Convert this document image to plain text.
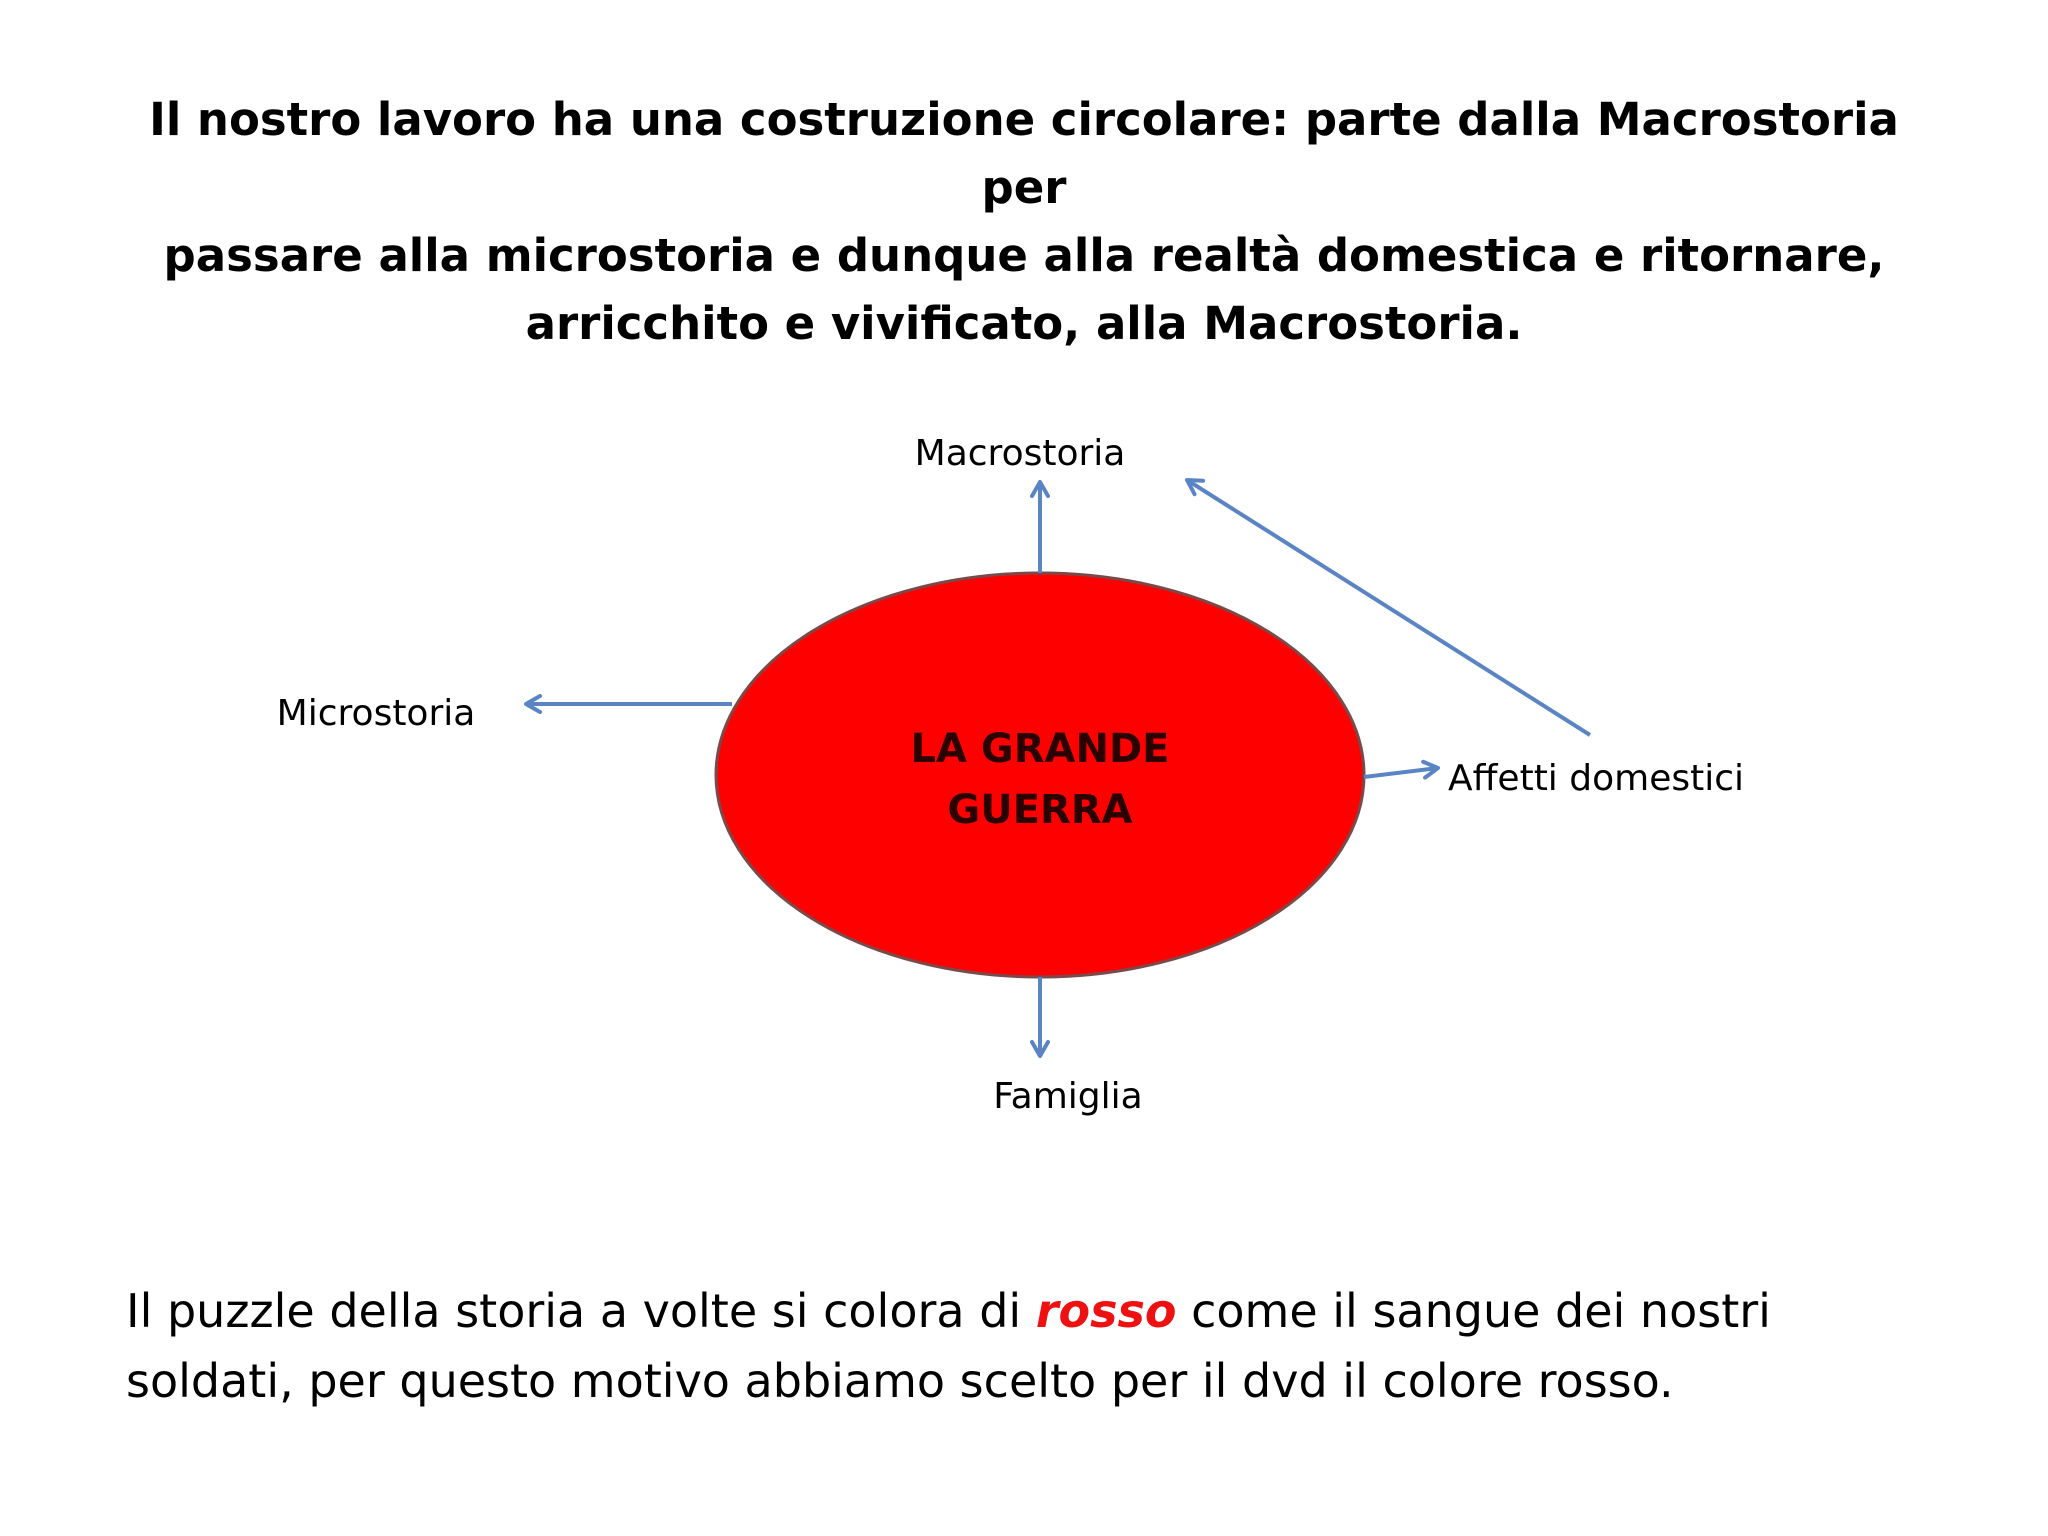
Il nostro lavoro ha una costruzione circolare: parte dalla Macrostoria per
passare alla microstoria e dunque alla realtà domestica e ritornare,
arricchito e vivificato, alla Macrostoria.
LA GRANDE
GUERRA
Macrostoria
Microstoria
Affetti domestici
Famiglia
Il puzzle della storia a volte si colora di rosso come il sangue dei nostri
soldati, per questo motivo abbiamo scelto per il dvd il colore rosso.
